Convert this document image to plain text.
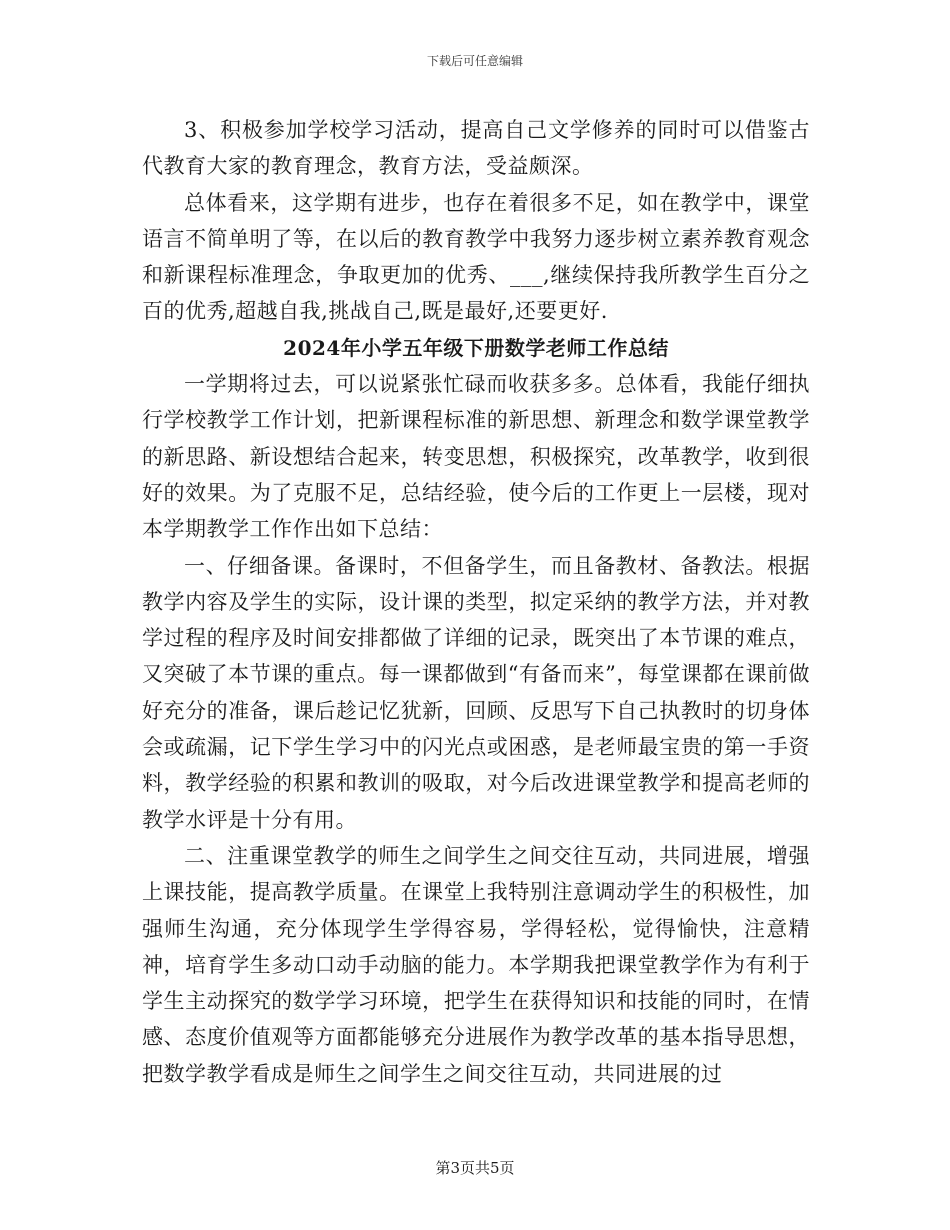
下载后可任意编辑

3、积极参加学校学习活动，提高自己文学修养的同时可以借鉴古代教育大家的教育理念，教育方法，受益颇深。

总体看来，这学期有进步，也存在着很多不足，如在教学中，课堂语言不简单明了等，在以后的教育教学中我努力逐步树立素养教育观念和新课程标准理念，争取更加的优秀、___,继续保持我所教学生百分之百的优秀,超越自我,挑战自己,既是最好,还要更好.

2024年小学五年级下册数学老师工作总结

一学期将过去，可以说紧张忙碌而收获多多。总体看，我能仔细执行学校教学工作计划，把新课程标准的新思想、新理念和数学课堂教学的新思路、新设想结合起来，转变思想，积极探究，改革教学，收到很好的效果。为了克服不足，总结经验，使今后的工作更上一层楼，现对本学期教学工作作出如下总结：

一、仔细备课。备课时，不但备学生，而且备教材、备教法。根据教学内容及学生的实际，设计课的类型，拟定采纳的教学方法，并对教学过程的程序及时间安排都做了详细的记录，既突出了本节课的难点，又突破了本节课的重点。每一课都做到“有备而来”，每堂课都在课前做好充分的准备，课后趁记忆犹新，回顾、反思写下自己执教时的切身体会或疏漏，记下学生学习中的闪光点或困惑，是老师最宝贵的第一手资料，教学经验的积累和教训的吸取，对今后改进课堂教学和提高老师的教学水评是十分有用。

二、注重课堂教学的师生之间学生之间交往互动，共同进展，增强上课技能，提高教学质量。在课堂上我特别注意调动学生的积极性，加强师生沟通，充分体现学生学得容易，学得轻松，觉得愉快，注意精神，培育学生多动口动手动脑的能力。本学期我把课堂教学作为有利于学生主动探究的数学学习环境，把学生在获得知识和技能的同时，在情感、态度价值观等方面都能够充分进展作为教学改革的基本指导思想，把数学教学看成是师生之间学生之间交往互动，共同进展的过

第3页共5页
